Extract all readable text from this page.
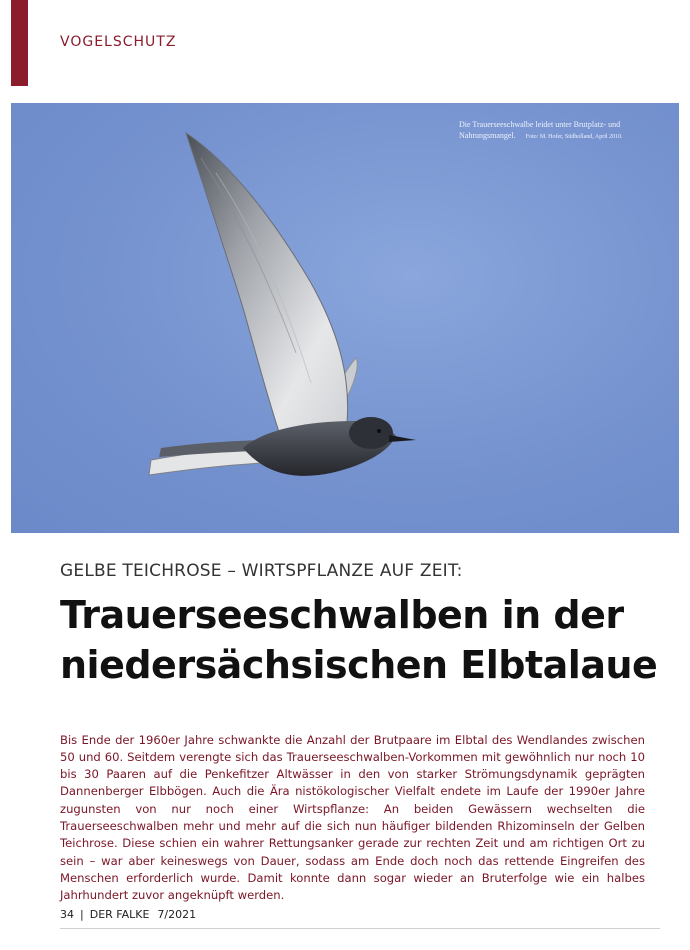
VOGELSCHUTZ
Die Trauerseeschwalbe leidet unter Brutplatz- und Nahrungsmangel. Foto: M. Hofer, Südholland, April 2010.
GELBE TEICHROSE – WIRTSPFLANZE AUF ZEIT:
Trauerseeschwalben in der
niedersächsischen Elbtalaue

Bis Ende der 1960er Jahre schwankte die Anzahl der Brutpaare im Elbtal des Wendlandes zwischen 50 und 60. Seitdem verengte sich das Trauerseeschwalben-Vorkommen mit gewöhnlich nur noch 10 bis 30 Paaren auf die Penkefitzer Altwässer in den von starker Strömungsdynamik geprägten Dannenberger Elbbögen. Auch die Ära nistökologischer Vielfalt endete im Laufe der 1990er Jahre zugunsten von nur noch einer Wirtspflanze: An beiden Gewässern wechselten die Trauerseeschwalben mehr und mehr auf die sich nun häufiger bildenden Rhizominseln der Gelben Teichrose. Diese schien ein wahrer Rettungsanker gerade zur rechten Zeit und am richtigen Ort zu sein – war aber keineswegs von Dauer, sodass am Ende doch noch das rettende Eingreifen des Menschen erforderlich wurde. Damit konnte dann sogar wieder an Bruterfolge wie ein halbes Jahrhundert zuvor angeknüpft werden.

34 | DER FALKE 7/2021
